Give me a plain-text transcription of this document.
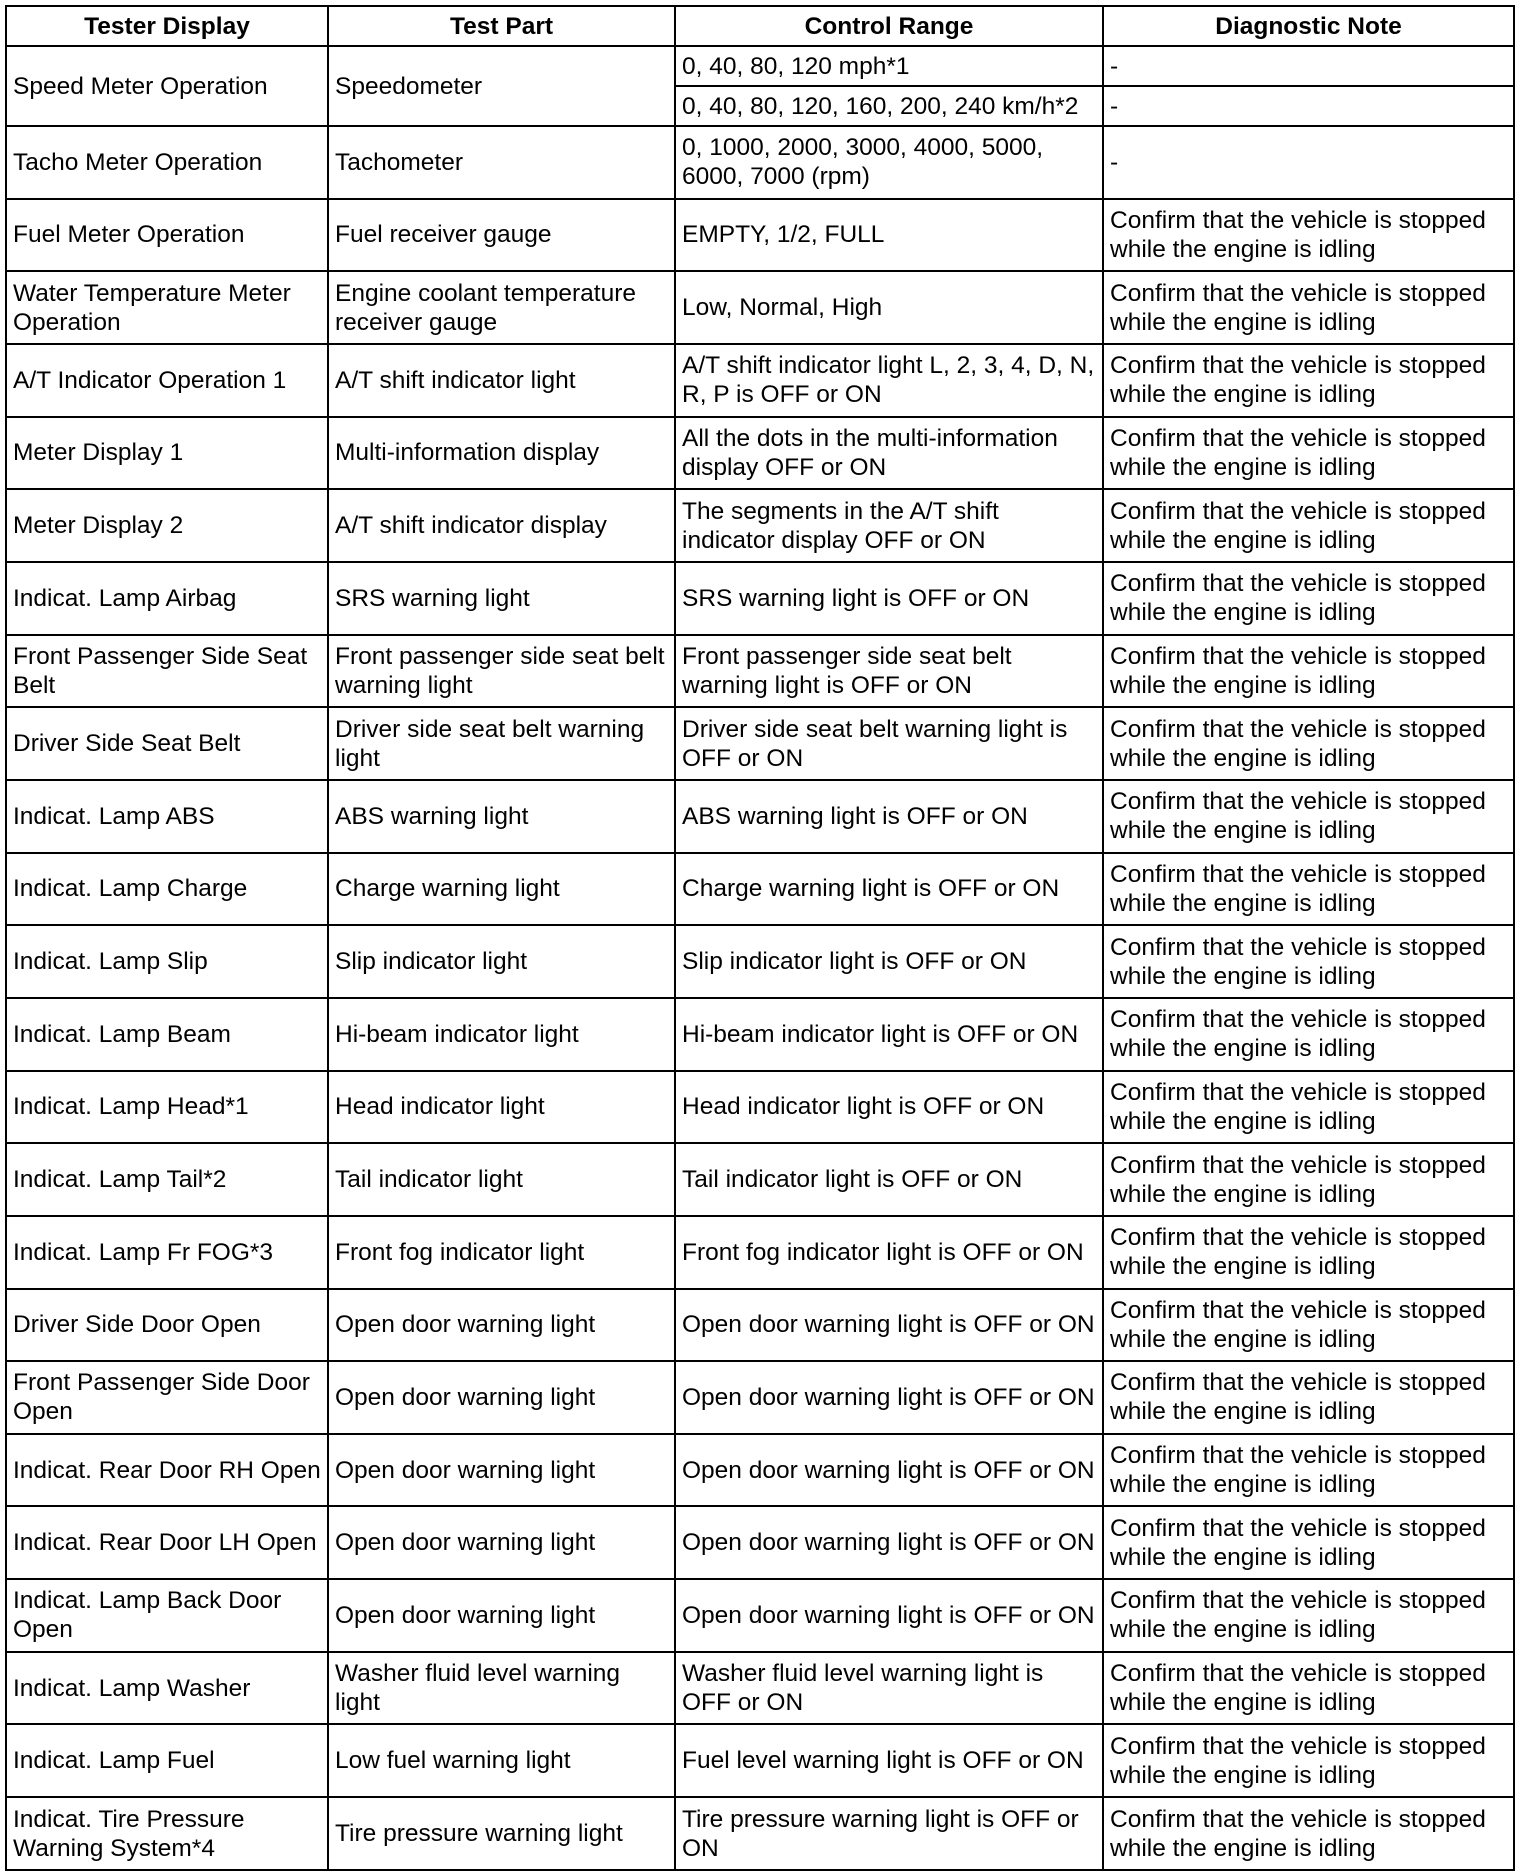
Tester Display	Test Part	Control Range	Diagnostic Note
Speed Meter Operation	Speedometer	0, 40, 80, 120 mph*1	-
		0, 40, 80, 120, 160, 200, 240 km/h*2	-
Tacho Meter Operation	Tachometer	0, 1000, 2000, 3000, 4000, 5000, 6000, 7000 (rpm)	-
Fuel Meter Operation	Fuel receiver gauge	EMPTY, 1/2, FULL	Confirm that the vehicle is stopped while the engine is idling
Water Temperature Meter Operation	Engine coolant temperature receiver gauge	Low, Normal, High	Confirm that the vehicle is stopped while the engine is idling
A/T Indicator Operation 1	A/T shift indicator light	A/T shift indicator light L, 2, 3, 4, D, N, R, P is OFF or ON	Confirm that the vehicle is stopped while the engine is idling
Meter Display 1	Multi-information display	All the dots in the multi-information display OFF or ON	Confirm that the vehicle is stopped while the engine is idling
Meter Display 2	A/T shift indicator display	The segments in the A/T shift indicator display OFF or ON	Confirm that the vehicle is stopped while the engine is idling
Indicat. Lamp Airbag	SRS warning light	SRS warning light is OFF or ON	Confirm that the vehicle is stopped while the engine is idling
Front Passenger Side Seat Belt	Front passenger side seat belt warning light	Front passenger side seat belt warning light is OFF or ON	Confirm that the vehicle is stopped while the engine is idling
Driver Side Seat Belt	Driver side seat belt warning light	Driver side seat belt warning light is OFF or ON	Confirm that the vehicle is stopped while the engine is idling
Indicat. Lamp ABS	ABS warning light	ABS warning light is OFF or ON	Confirm that the vehicle is stopped while the engine is idling
Indicat. Lamp Charge	Charge warning light	Charge warning light is OFF or ON	Confirm that the vehicle is stopped while the engine is idling
Indicat. Lamp Slip	Slip indicator light	Slip indicator light is OFF or ON	Confirm that the vehicle is stopped while the engine is idling
Indicat. Lamp Beam	Hi-beam indicator light	Hi-beam indicator light is OFF or ON	Confirm that the vehicle is stopped while the engine is idling
Indicat. Lamp Head*1	Head indicator light	Head indicator light is OFF or ON	Confirm that the vehicle is stopped while the engine is idling
Indicat. Lamp Tail*2	Tail indicator light	Tail indicator light is OFF or ON	Confirm that the vehicle is stopped while the engine is idling
Indicat. Lamp Fr FOG*3	Front fog indicator light	Front fog indicator light is OFF or ON	Confirm that the vehicle is stopped while the engine is idling
Driver Side Door Open	Open door warning light	Open door warning light is OFF or ON	Confirm that the vehicle is stopped while the engine is idling
Front Passenger Side Door Open	Open door warning light	Open door warning light is OFF or ON	Confirm that the vehicle is stopped while the engine is idling
Indicat. Rear Door RH Open	Open door warning light	Open door warning light is OFF or ON	Confirm that the vehicle is stopped while the engine is idling
Indicat. Rear Door LH Open	Open door warning light	Open door warning light is OFF or ON	Confirm that the vehicle is stopped while the engine is idling
Indicat. Lamp Back Door Open	Open door warning light	Open door warning light is OFF or ON	Confirm that the vehicle is stopped while the engine is idling
Indicat. Lamp Washer	Washer fluid level warning light	Washer fluid level warning light is OFF or ON	Confirm that the vehicle is stopped while the engine is idling
Indicat. Lamp Fuel	Low fuel warning light	Fuel level warning light is OFF or ON	Confirm that the vehicle is stopped while the engine is idling
Indicat. Tire Pressure Warning System*4	Tire pressure warning light	Tire pressure warning light is OFF or ON	Confirm that the vehicle is stopped while the engine is idling
